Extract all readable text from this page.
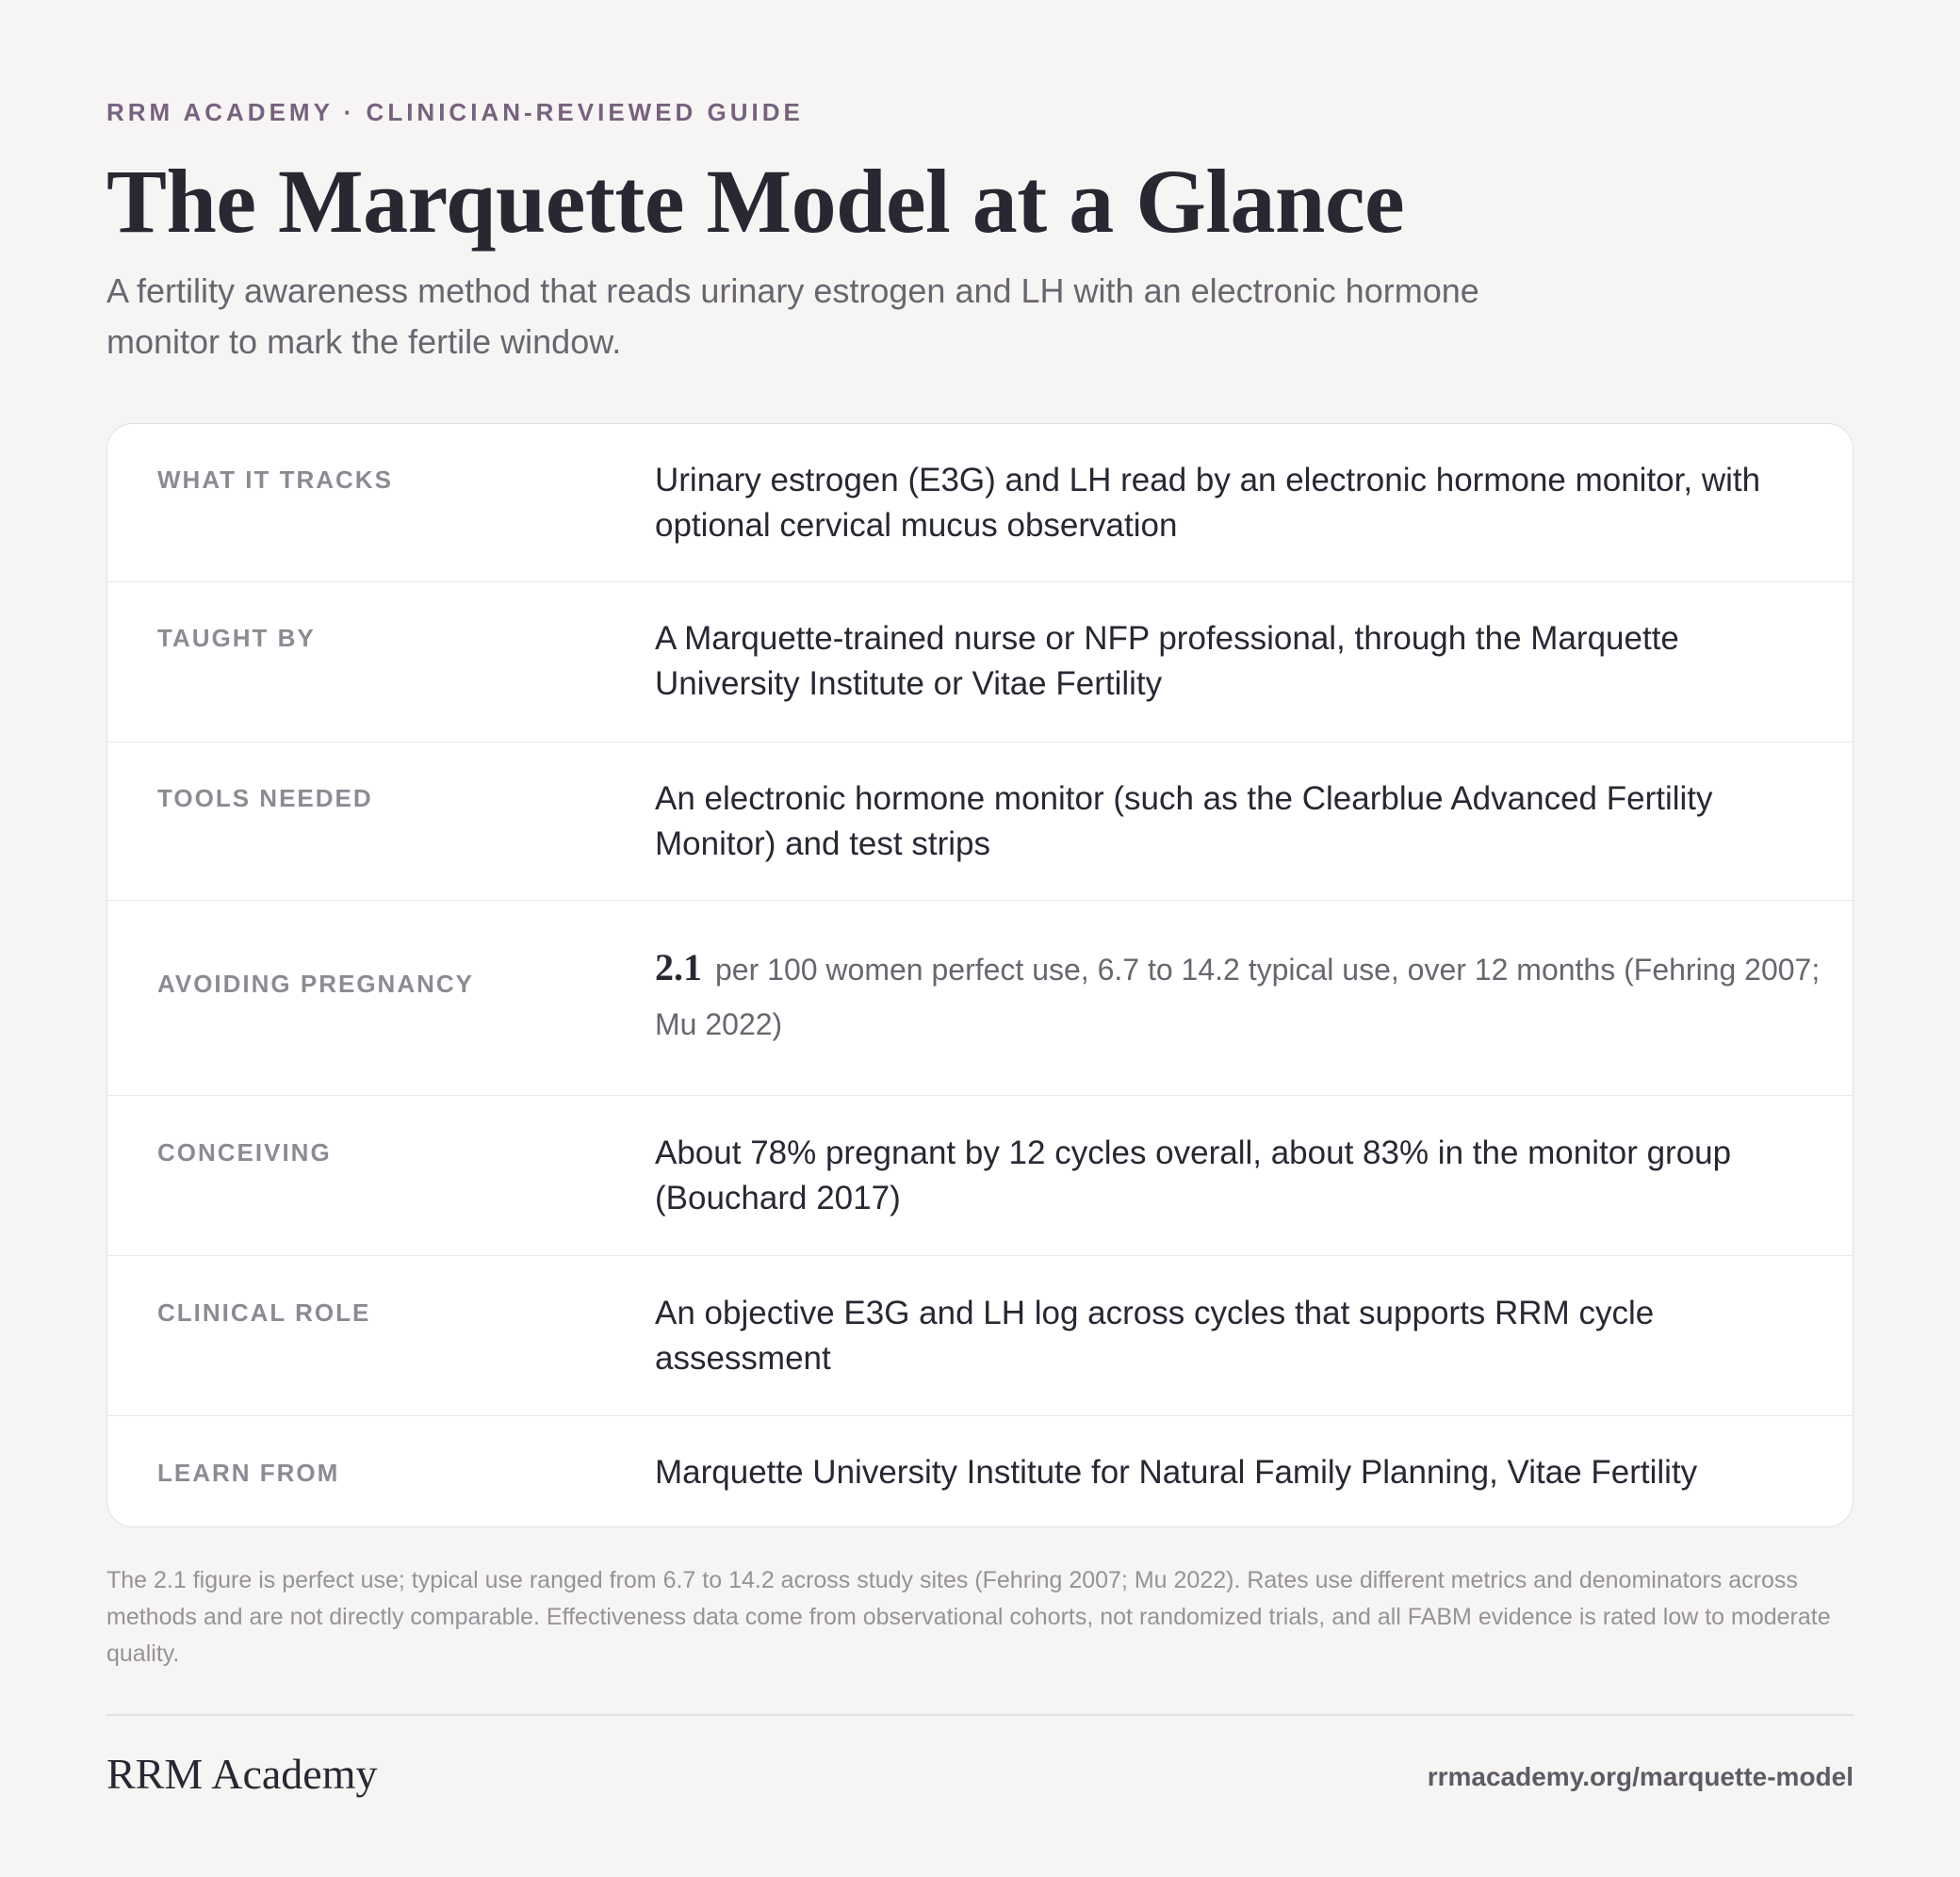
RRM ACADEMY · CLINICIAN-REVIEWED GUIDE
The Marquette Model at a Glance

A fertility awareness method that reads urinary estrogen and LH with an electronic hormone monitor to mark the fertile window.

WHAT IT TRACKS	Urinary estrogen (E3G) and LH read by an electronic hormone monitor, with optional cervical mucus observation
TAUGHT BY	A Marquette-trained nurse or NFP professional, through the Marquette University Institute or Vitae Fertility
TOOLS NEEDED	An electronic hormone monitor (such as the Clearblue Advanced Fertility Monitor) and test strips
AVOIDING PREGNANCY	2.1 per 100 women perfect use, 6.7 to 14.2 typical use, over 12 months (Fehring 2007; Mu 2022)
CONCEIVING	About 78% pregnant by 12 cycles overall, about 83% in the monitor group (Bouchard 2017)
CLINICAL ROLE	An objective E3G and LH log across cycles that supports RRM cycle assessment
LEARN FROM	Marquette University Institute for Natural Family Planning, Vitae Fertility

The 2.1 figure is perfect use; typical use ranged from 6.7 to 14.2 across study sites (Fehring 2007; Mu 2022). Rates use different metrics and denominators across methods and are not directly comparable. Effectiveness data come from observational cohorts, not randomized trials, and all FABM evidence is rated low to moderate quality.

RRM Academy	rrmacademy.org/marquette-model
